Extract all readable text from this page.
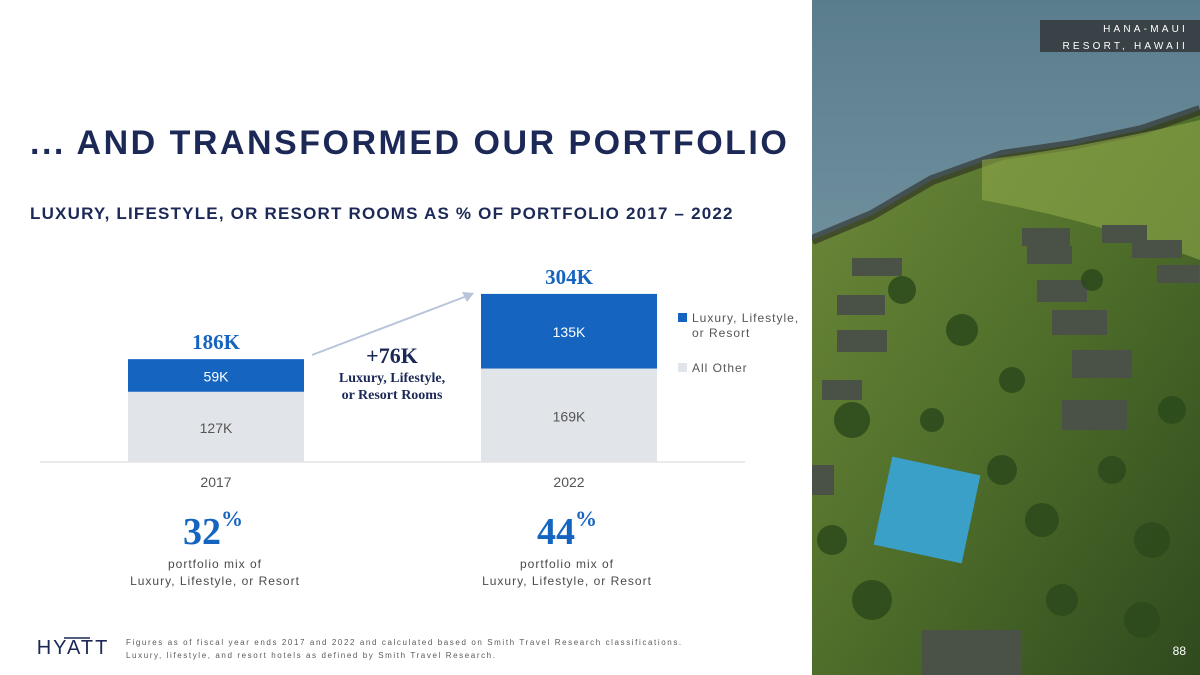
... AND TRANSFORMED OUR PORTFOLIO
LUXURY, LIFESTYLE, OR RESORT ROOMS AS % OF PORTFOLIO 2017 – 2022
127K
59K
186K
2017
169K
135K
304K
2022
+76K
Luxury, Lifestyle,
or Resort Rooms
Luxury, Lifestyle,
or Resort
All Other
32%
portfolio mix of
Luxury, Lifestyle, or Resort
44%
portfolio mix of
Luxury, Lifestyle, or Resort
HYATT Figures as of fiscal year ends 2017 and 2022 and calculated based on Smith Travel Research classifications.
Luxury, lifestyle, and resort hotels as defined by Smith Travel Research.
HANA-MAUI
RESORT, HAWAII
88
